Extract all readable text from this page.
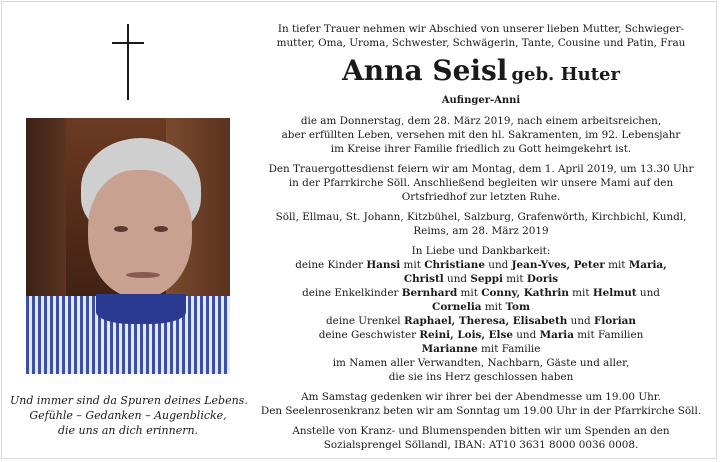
Und immer sind da Spuren deines Lebens.
Gefühle – Gedanken – Augenblicke,
die uns an dich erinnern.
In tiefer Trauer nehmen wir Abschied von unserer lieben Mutter, Schwieger-
mutter, Oma, Uroma, Schwester, Schwägerin, Tante, Cousine und Patin, Frau
Anna Seisl geb. Huter
Aufinger-Anni
die am Donnerstag, dem 28. März 2019, nach einem arbeitsreichen,
aber erfüllten Leben, versehen mit den hl. Sakramenten, im 92. Lebensjahr
im Kreise ihrer Familie friedlich zu Gott heimgekehrt ist.
Den Trauergottesdienst feiern wir am Montag, dem 1. April 2019, um 13.30 Uhr
in der Pfarrkirche Söll. Anschließend begleiten wir unsere Mami auf den
Ortsfriedhof zur letzten Ruhe.
Söll, Ellmau, St. Johann, Kitzbühel, Salzburg, Grafenwörth, Kirchbichl, Kundl,
Reims, am 28. März 2019
In Liebe und Dankbarkeit:
deine Kinder Hansi mit Christiane und Jean-Yves, Peter mit Maria,
Christl und Seppi mit Doris
deine Enkelkinder Bernhard mit Conny, Kathrin mit Helmut und
Cornelia mit Tom
deine Urenkel Raphael, Theresa, Elisabeth und Florian
deine Geschwister Reini, Lois, Else und Maria mit Familien
Marianne mit Familie
im Namen aller Verwandten, Nachbarn, Gäste und aller,
die sie ins Herz geschlossen haben
Am Samstag gedenken wir ihrer bei der Abendmesse um 19.00 Uhr.
Den Seelenrosenkranz beten wir am Sonntag um 19.00 Uhr in der Pfarrkirche Söll.
Anstelle von Kranz- und Blumenspenden bitten wir um Spenden an den
Sozialsprengel Söllandl, IBAN: AT10 3631 8000 0036 0008.
